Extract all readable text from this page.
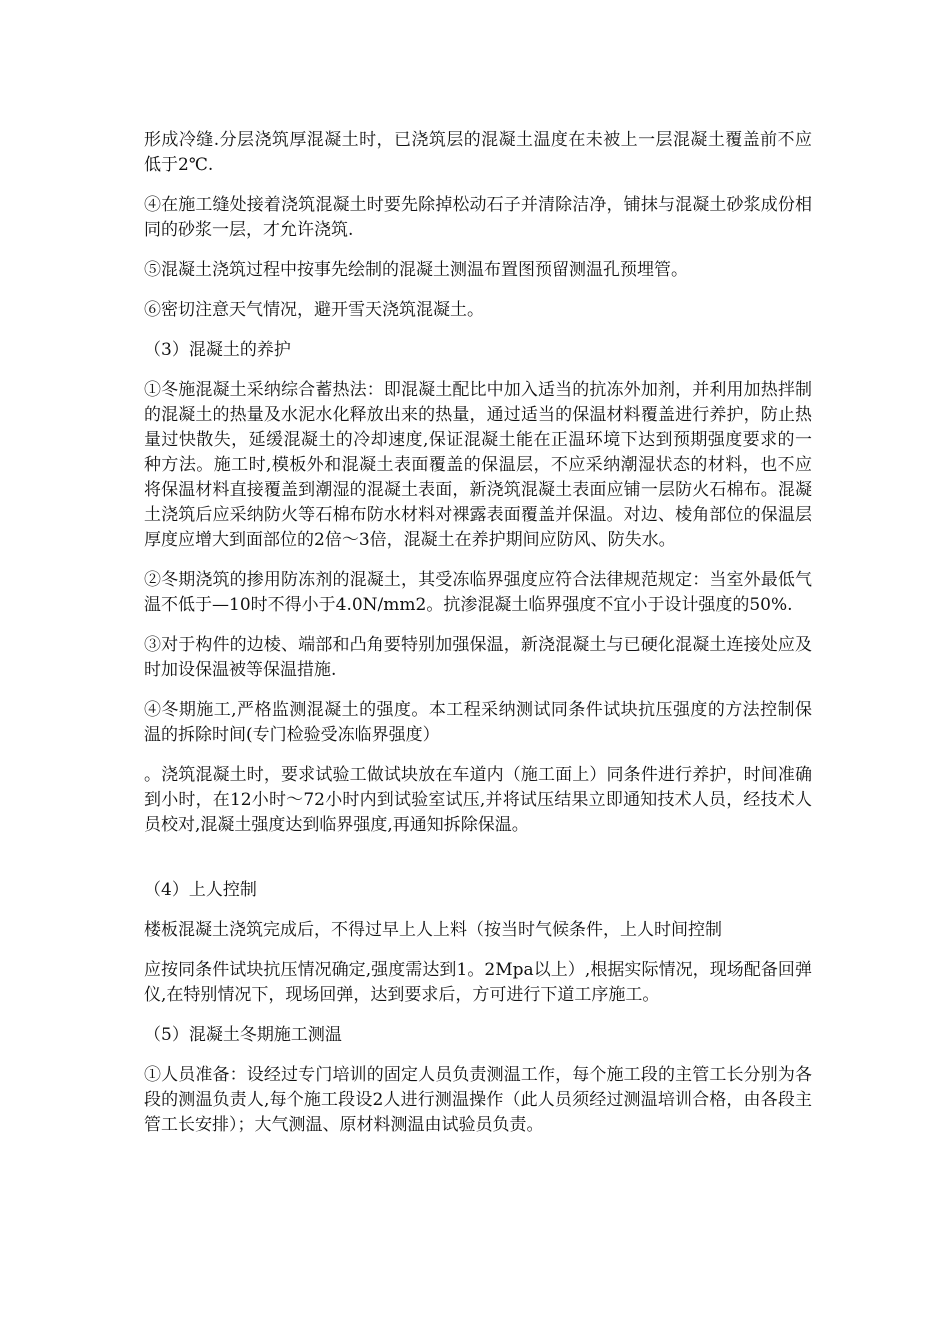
形成冷缝.分层浇筑厚混凝土时，已浇筑层的混凝土温度在未被上一层混凝土覆盖前不应低于2℃.

④在施工缝处接着浇筑混凝土时要先除掉松动石子并清除洁净，铺抹与混凝土砂浆成份相同的砂浆一层，才允许浇筑.

⑤混凝土浇筑过程中按事先绘制的混凝土测温布置图预留测温孔预埋管。

⑥密切注意天气情况，避开雪天浇筑混凝土。

（3）混凝土的养护

①冬施混凝土采纳综合蓄热法：即混凝土配比中加入适当的抗冻外加剂，并利用加热拌制的混凝土的热量及水泥水化释放出来的热量，通过适当的保温材料覆盖进行养护，防止热量过快散失，延缓混凝土的冷却速度,保证混凝土能在正温环境下达到预期强度要求的一种方法。施工时,模板外和混凝土表面覆盖的保温层，不应采纳潮湿状态的材料，也不应将保温材料直接覆盖到潮湿的混凝土表面，新浇筑混凝土表面应铺一层防火石棉布。混凝土浇筑后应采纳防火等石棉布防水材料对裸露表面覆盖并保温。对边、棱角部位的保温层厚度应增大到面部位的2倍～3倍，混凝土在养护期间应防风、防失水。

②冬期浇筑的掺用防冻剂的混凝土，其受冻临界强度应符合法律规范规定：当室外最低气温不低于—10时不得小于4.0N/mm2。抗渗混凝土临界强度不宜小于设计强度的50%.

③对于构件的边棱、端部和凸角要特别加强保温，新浇混凝土与已硬化混凝土连接处应及时加设保温被等保温措施.

④冬期施工,严格监测混凝土的强度。本工程采纳测试同条件试块抗压强度的方法控制保温的拆除时间(专门检验受冻临界强度）

。浇筑混凝土时，要求试验工做试块放在车道内（施工面上）同条件进行养护，时间准确到小时，在12小时～72小时内到试验室试压,并将试压结果立即通知技术人员，经技术人员校对,混凝土强度达到临界强度,再通知拆除保温。

（4）上人控制

楼板混凝土浇筑完成后，不得过早上人上料（按当时气候条件，上人时间控制

应按同条件试块抗压情况确定,强度需达到1。2Mpa以上）,根据实际情况，现场配备回弹仪,在特别情况下，现场回弹，达到要求后，方可进行下道工序施工。

（5）混凝土冬期施工测温

①人员准备：设经过专门培训的固定人员负责测温工作，每个施工段的主管工长分别为各段的测温负责人,每个施工段设2人进行测温操作（此人员须经过测温培训合格，由各段主管工长安排）；大气测温、原材料测温由试验员负责。
